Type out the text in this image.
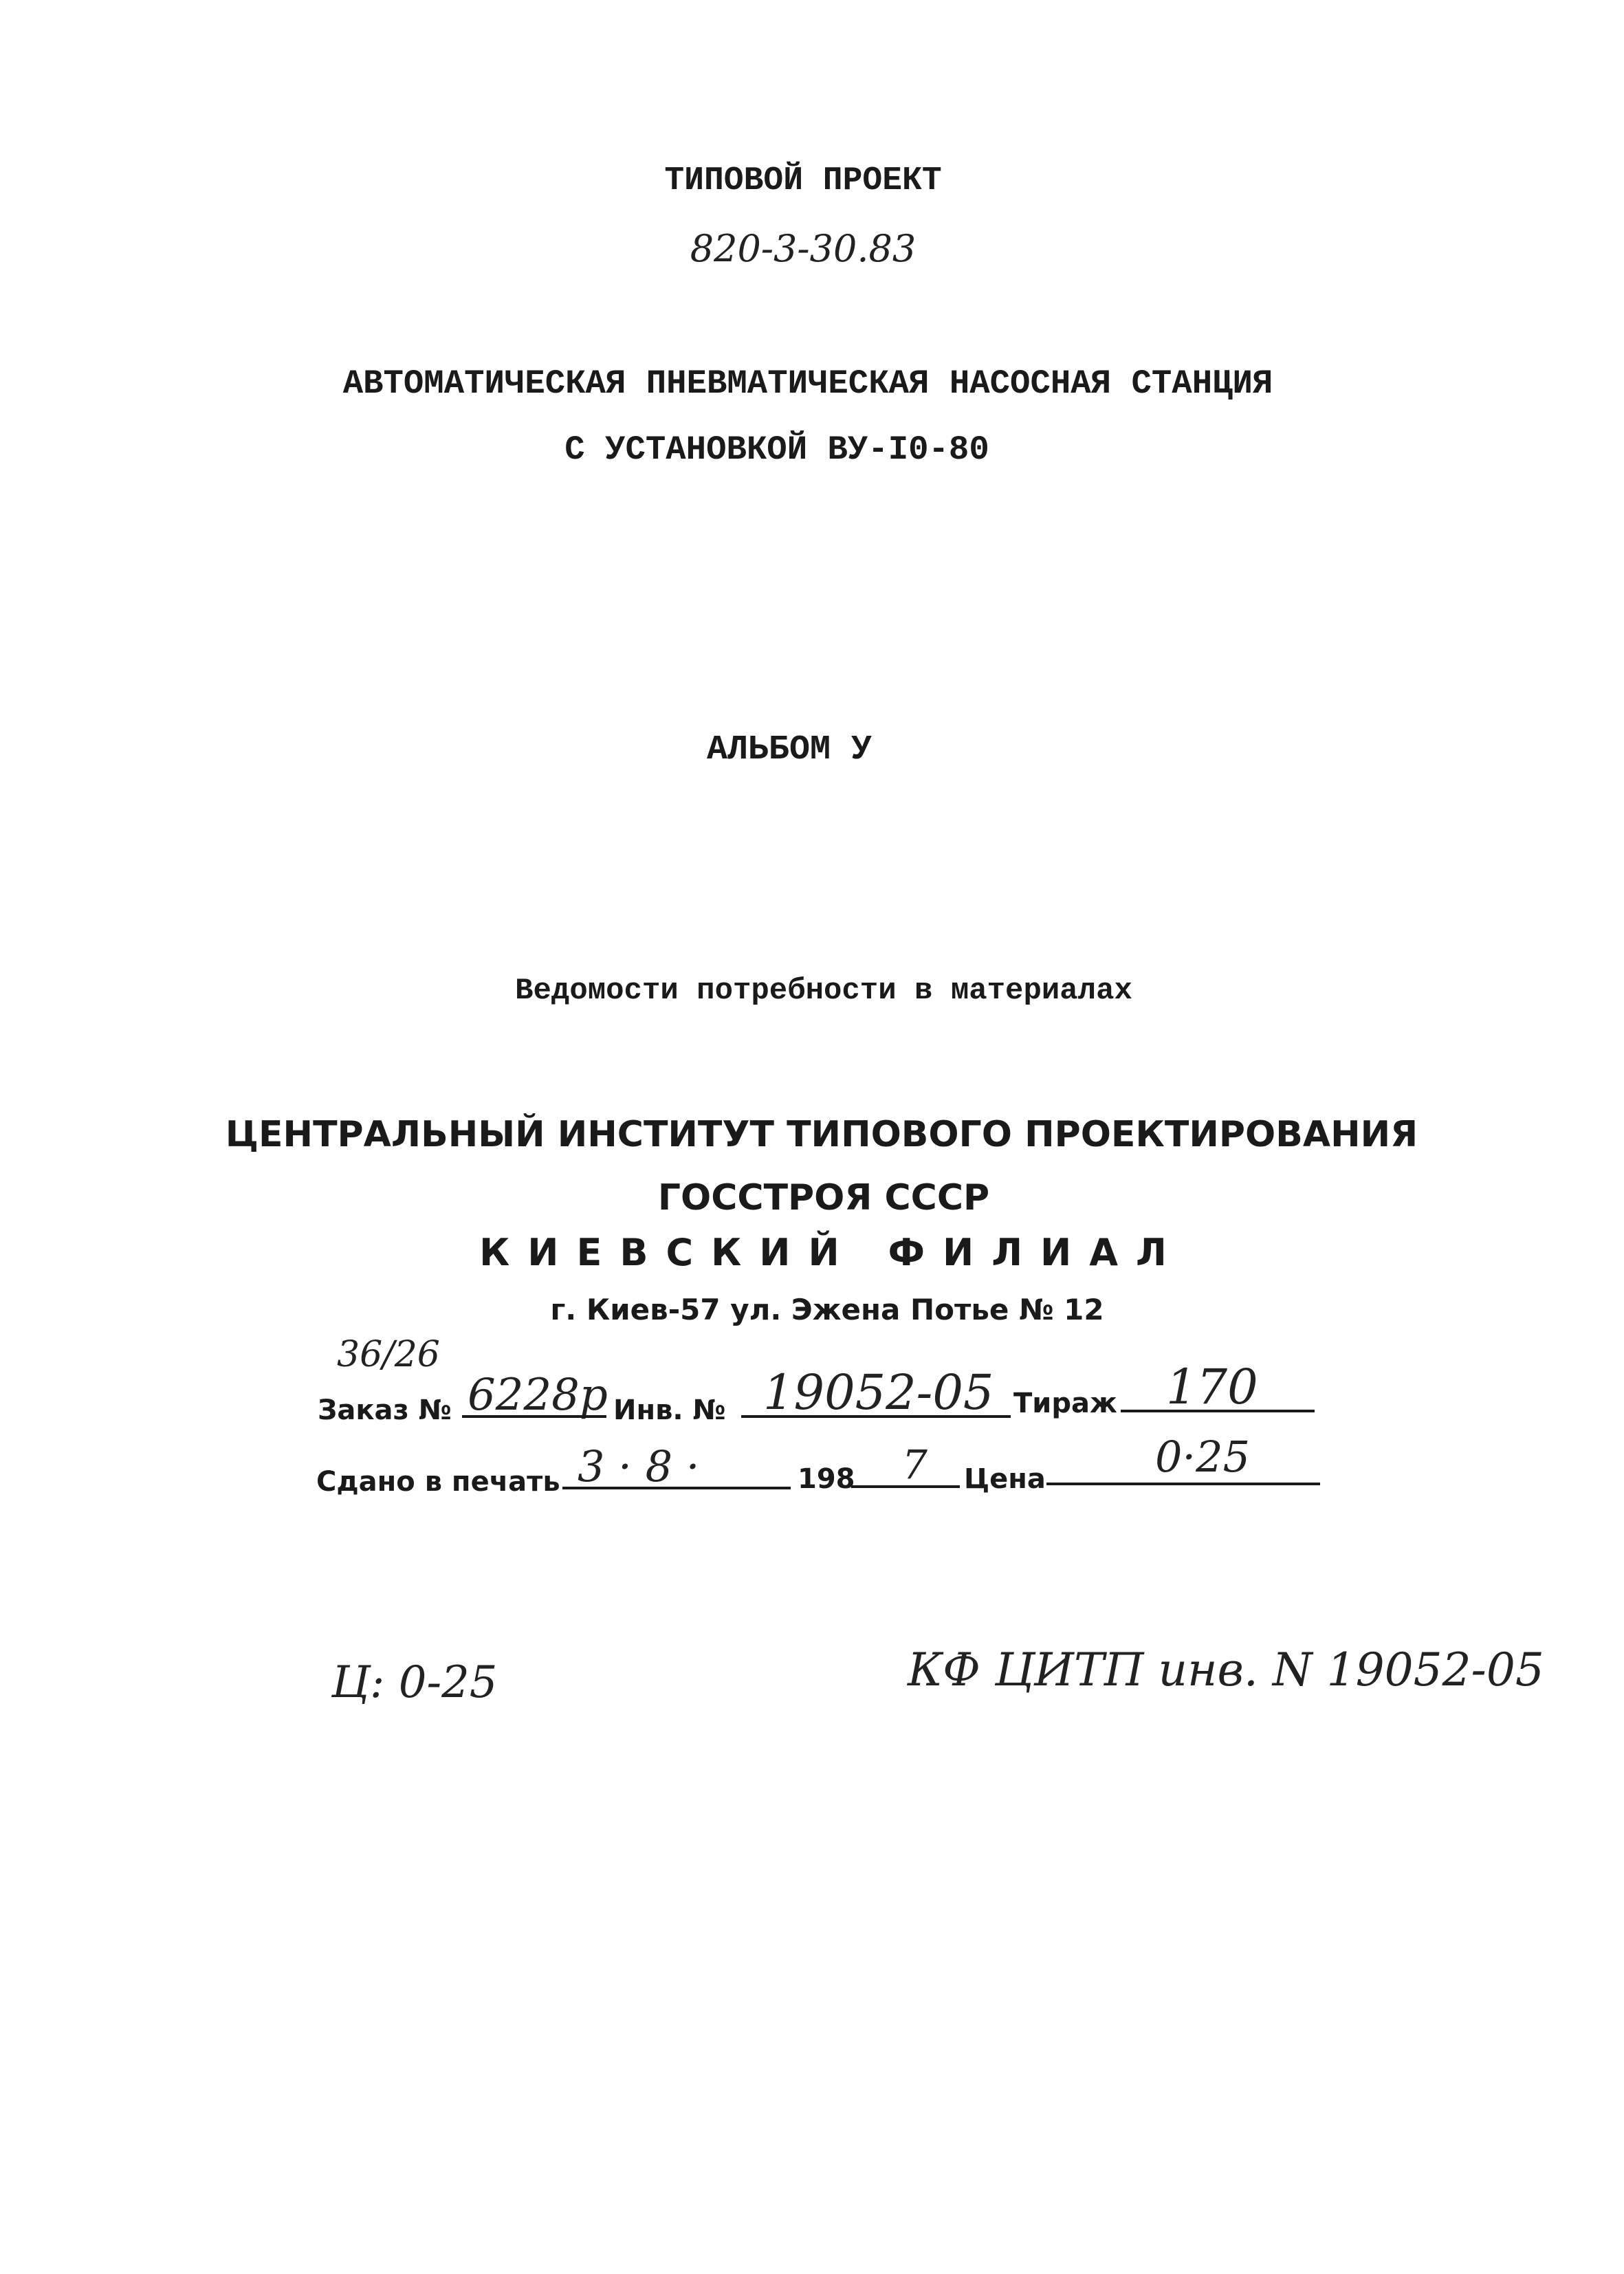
ТИПОВОЙ ПРОЕКТ
820-3-30.83
АВТОМАТИЧЕСКАЯ ПНЕВМАТИЧЕСКАЯ НАСОСНАЯ СТАНЦИЯ
С УСТАНОВКОЙ ВУ-I0-80
АЛЬБОМ У
Ведомости потребности в материалах
ЦЕНТРАЛЬНЫЙ ИНСТИТУТ ТИПОВОГО ПРОЕКТИРОВАНИЯ
ГОССТРОЯ СССР
КИЕВСКИЙ ФИЛИАЛ
г. Киев-57 ул. Эжена Потье № 12
36/26
Заказ № 6228р Инв. № 19052-05 Тираж 170
Сдано в печать 3 · 8 ·	198 7 Цена	0·25
Ц: 0-25	КФ ЦИТП инв. N 19052-05
